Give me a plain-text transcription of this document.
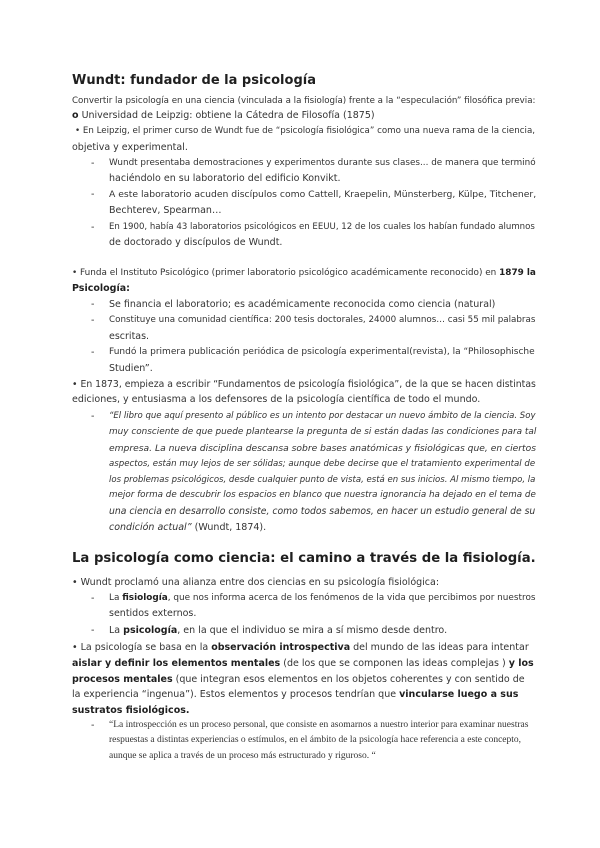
Wundt: fundador de la psicología
Convertir la psicología en una ciencia (vinculada a la fisiología) frente a la “especulación” filosófica previa:
o Universidad de Leipzig: obtiene la Cátedra de Filosofía (1875)
• En Leipzig, el primer curso de Wundt fue de “psicología fisiológica” como una nueva rama de la ciencia,
objetiva y experimental.
- Wundt presentaba demostraciones y experimentos durante sus clases... de manera que terminó
haciéndolo en su laboratorio del edificio Konvikt.
- A este laboratorio acuden discípulos como Cattell, Kraepelin, Münsterberg, Külpe, Titchener,
Bechterev, Spearman…
- En 1900, había 43 laboratorios psicológicos en EEUU, 12 de los cuales los habían fundado alumnos
de doctorado y discípulos de Wundt.
• Funda el Instituto Psicológico (primer laboratorio psicológico académicamente reconocido) en 1879 la
Psicología:
- Se financia el laboratorio; es académicamente reconocida como ciencia (natural)
- Constituye una comunidad científica: 200 tesis doctorales, 24000 alumnos… casi 55 mil palabras
escritas.
- Fundó la primera publicación periódica de psicología experimental(revista), la “Philosophische
Studien”.
• En 1873, empieza a escribir “Fundamentos de psicología fisiológica”, de la que se hacen distintas
ediciones, y entusiasma a los defensores de la psicología científica de todo el mundo.
- “El libro que aquí presento al público es un intento por destacar un nuevo ámbito de la ciencia. Soy
muy consciente de que puede plantearse la pregunta de si están dadas las condiciones para tal
empresa. La nueva disciplina descansa sobre bases anatómicas y fisiológicas que, en ciertos
aspectos, están muy lejos de ser sólidas; aunque debe decirse que el tratamiento experimental de
los problemas psicológicos, desde cualquier punto de vista, está en sus inicios. Al mismo tiempo, la
mejor forma de descubrir los espacios en blanco que nuestra ignorancia ha dejado en el tema de
una ciencia en desarrollo consiste, como todos sabemos, en hacer un estudio general de su
condición actual” (Wundt, 1874).
La psicología como ciencia: el camino a través de la fisiología.
• Wundt proclamó una alianza entre dos ciencias en su psicología fisiológica:
- La fisiología, que nos informa acerca de los fenómenos de la vida que percibimos por nuestros
sentidos externos.
- La psicología, en la que el individuo se mira a sí mismo desde dentro.
• La psicología se basa en la observación introspectiva del mundo de las ideas para intentar
aislar y definir los elementos mentales (de los que se componen las ideas complejas ) y los
procesos mentales (que integran esos elementos en los objetos coherentes y con sentido de
la experiencia “ingenua”). Estos elementos y procesos tendrían que vincularse luego a sus
sustratos fisiológicos.
- “La introspección es un proceso personal, que consiste en asomarnos a nuestro interior para examinar nuestras
respuestas a distintas experiencias o estímulos, en el ámbito de la psicología hace referencia a este concepto,
aunque se aplica a través de un proceso más estructurado y riguroso. “
